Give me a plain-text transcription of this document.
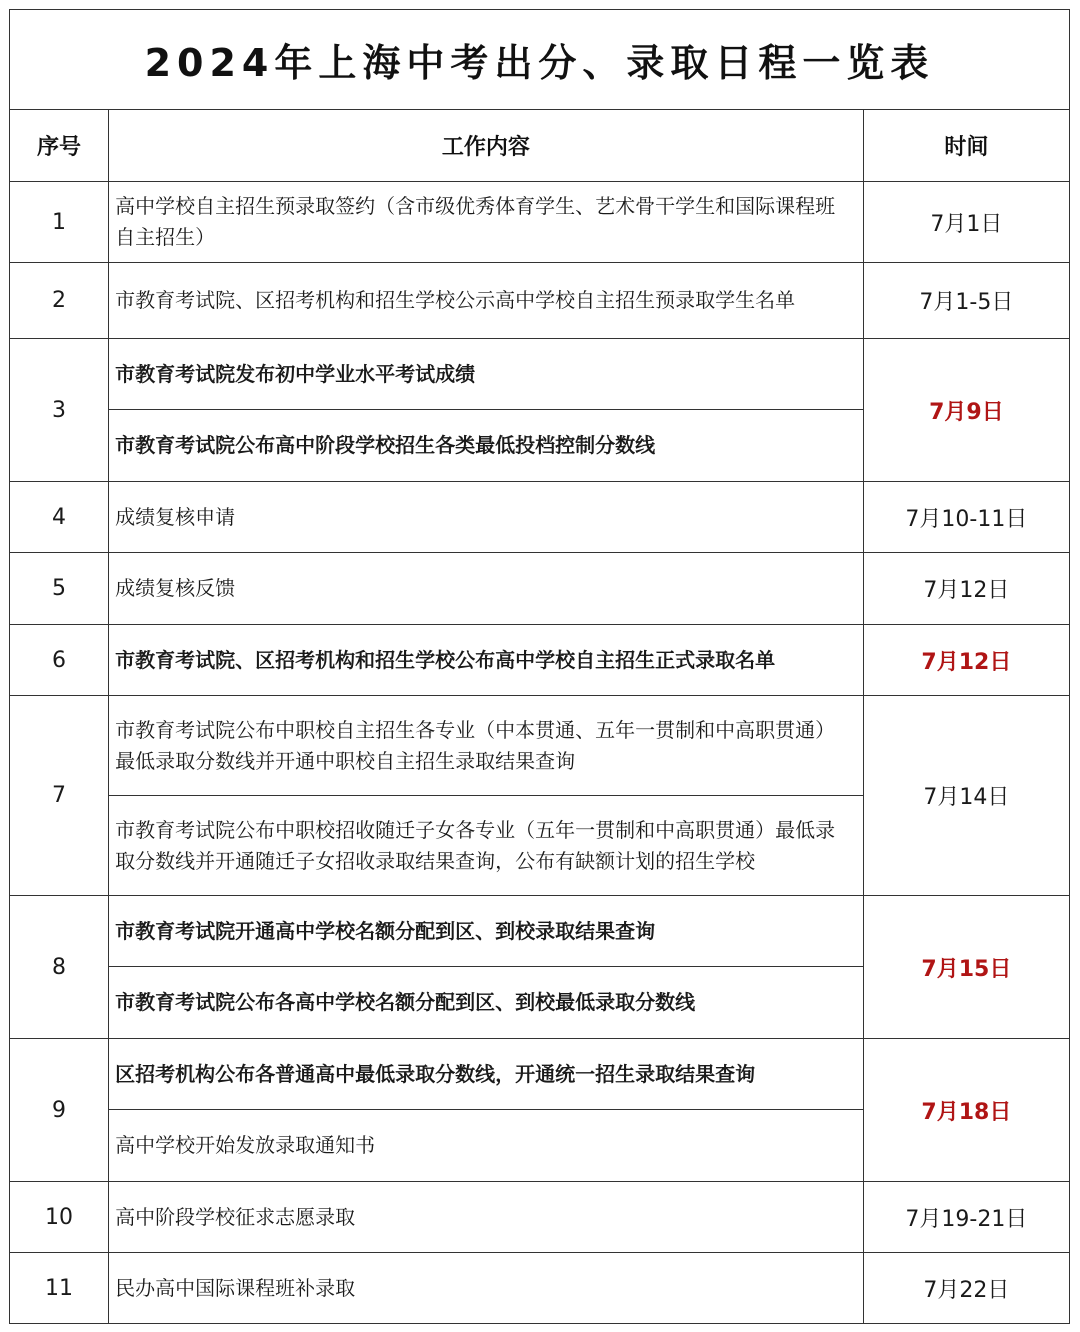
2024年上海中考出分、录取日程一览表
序号	工作内容	时间
1	高中学校自主招生预录取签约（含市级优秀体育学生、艺术骨干学生和国际课程班自主招生）	7月1日
2	市教育考试院、区招考机构和招生学校公示高中学校自主招生预录取学生名单	7月1-5日
3	市教育考试院发布初中学业水平考试成绩	7月9日
	市教育考试院公布高中阶段学校招生各类最低投档控制分数线	
4	成绩复核申请	7月10-11日
5	成绩复核反馈	7月12日
6	市教育考试院、区招考机构和招生学校公布高中学校自主招生正式录取名单	7月12日
7	市教育考试院公布中职校自主招生各专业（中本贯通、五年一贯制和中高职贯通）最低录取分数线并开通中职校自主招生录取结果查询	7月14日
	市教育考试院公布中职校招收随迁子女各专业（五年一贯制和中高职贯通）最低录取分数线并开通随迁子女招收录取结果查询，公布有缺额计划的招生学校	
8	市教育考试院开通高中学校名额分配到区、到校录取结果查询	7月15日
	市教育考试院公布各高中学校名额分配到区、到校最低录取分数线	
9	区招考机构公布各普通高中最低录取分数线，开通统一招生录取结果查询	7月18日
	高中学校开始发放录取通知书	
10	高中阶段学校征求志愿录取	7月19-21日
11	民办高中国际课程班补录取	7月22日
